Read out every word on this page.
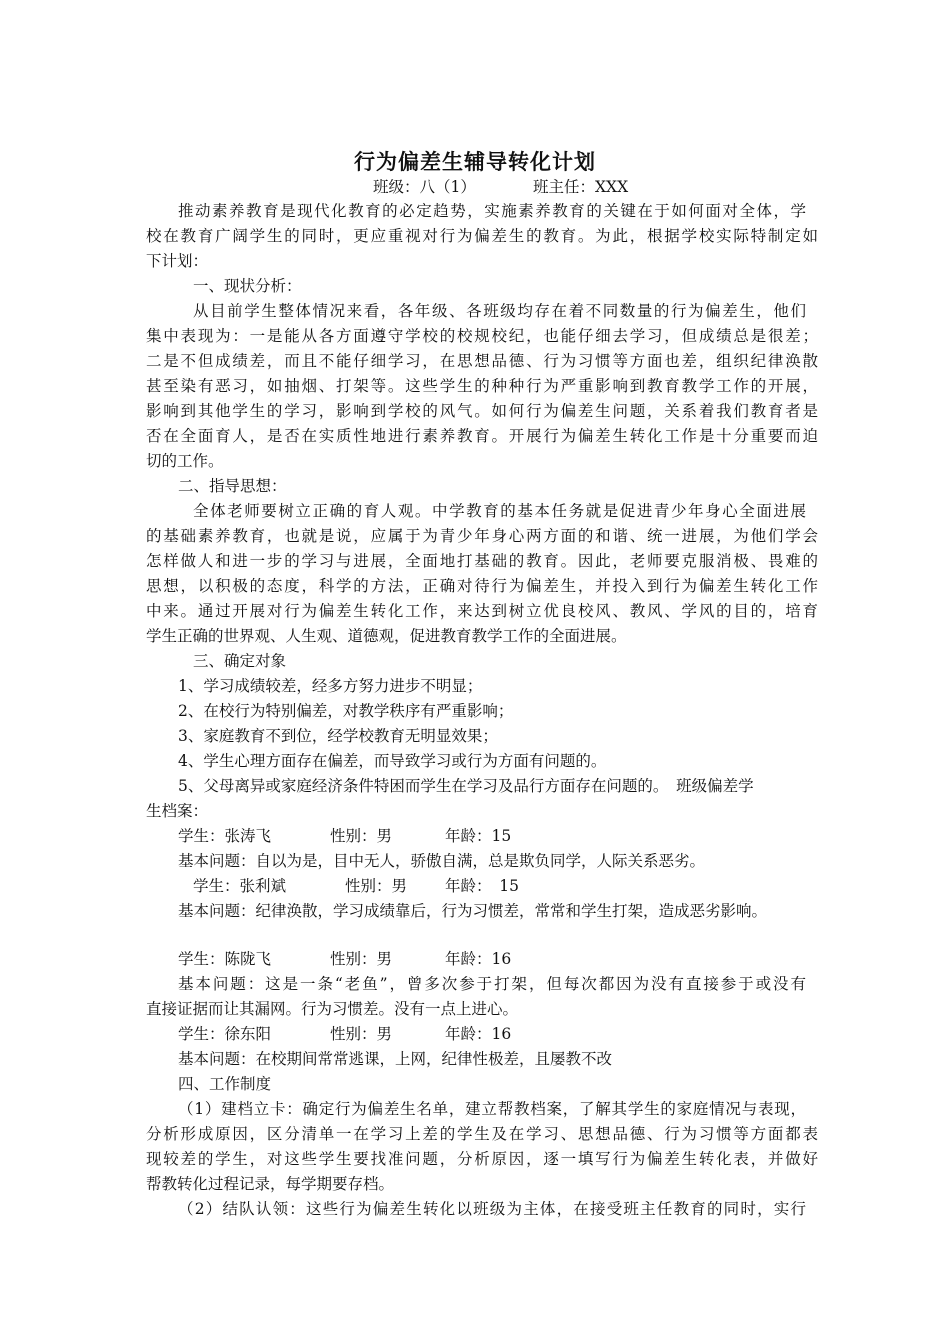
行为偏差生辅导转化计划
班级：八（1）	班主任：XXX
推动素养教育是现代化教育的必定趋势，实施素养教育的关键在于如何面对全体，学
校在教育广阔学生的同时，更应重视对行为偏差生的教育。为此，根据学校实际特制定如
下计划：
一、现状分析：
从目前学生整体情况来看，各年级、各班级均存在着不同数量的行为偏差生，他们
集中表现为：一是能从各方面遵守学校的校规校纪，也能仔细去学习，但成绩总是很差；
二是不但成绩差，而且不能仔细学习，在思想品德、行为习惯等方面也差，组织纪律涣散
甚至染有恶习，如抽烟、打架等。这些学生的种种行为严重影响到教育教学工作的开展，
影响到其他学生的学习，影响到学校的风气。如何行为偏差生问题，关系着我们教育者是
否在全面育人，是否在实质性地进行素养教育。开展行为偏差生转化工作是十分重要而迫
切的工作。
二、指导思想：
全体老师要树立正确的育人观。中学教育的基本任务就是促进青少年身心全面进展
的基础素养教育，也就是说，应属于为青少年身心两方面的和谐、统一进展，为他们学会
怎样做人和进一步的学习与进展，全面地打基础的教育。因此，老师要克服消极、畏难的
思想，以积极的态度，科学的方法，正确对待行为偏差生，并投入到行为偏差生转化工作
中来。通过开展对行为偏差生转化工作，来达到树立优良校风、教风、学风的目的，培育
学生正确的世界观、人生观、道德观，促进教育教学工作的全面进展。
三、确定对象
1、学习成绩较差，经多方努力进步不明显；
2、在校行为特别偏差，对教学秩序有严重影响；
3、家庭教育不到位，经学校教育无明显效果；
4、学生心理方面存在偏差，而导致学习或行为方面有问题的。
5、父母离异或家庭经济条件特困而学生在学习及品行方面存在问题的。　班级偏差学
生档案：
学生：张涛飞	性别：男	年龄：15
基本问题：自以为是，目中无人，骄傲自满，总是欺负同学，人际关系恶劣。
学生：张利斌	性别：男 年龄：　15
基本问题：纪律涣散，学习成绩靠后，行为习惯差，常常和学生打架，造成恶劣影响。
学生：陈陇飞	性别：男	年龄：16
基本问题：这是一条“老鱼”，曾多次参于打架，但每次都因为没有直接参于或没有
直接证据而让其漏网。行为习惯差。没有一点上进心。
学生：徐东阳	性别：男	年龄：16
基本问题：在校期间常常逃课，上网，纪律性极差，且屡教不改
四、工作制度
（1）建档立卡：确定行为偏差生名单，建立帮教档案，了解其学生的家庭情况与表现，
分析形成原因，区分清单一在学习上差的学生及在学习、思想品德、行为习惯等方面都表
现较差的学生，对这些学生要找准问题，分析原因，逐一填写行为偏差生转化表，并做好
帮教转化过程记录，每学期要存档。
（2）结队认领：这些行为偏差生转化以班级为主体，在接受班主任教育的同时，实行
